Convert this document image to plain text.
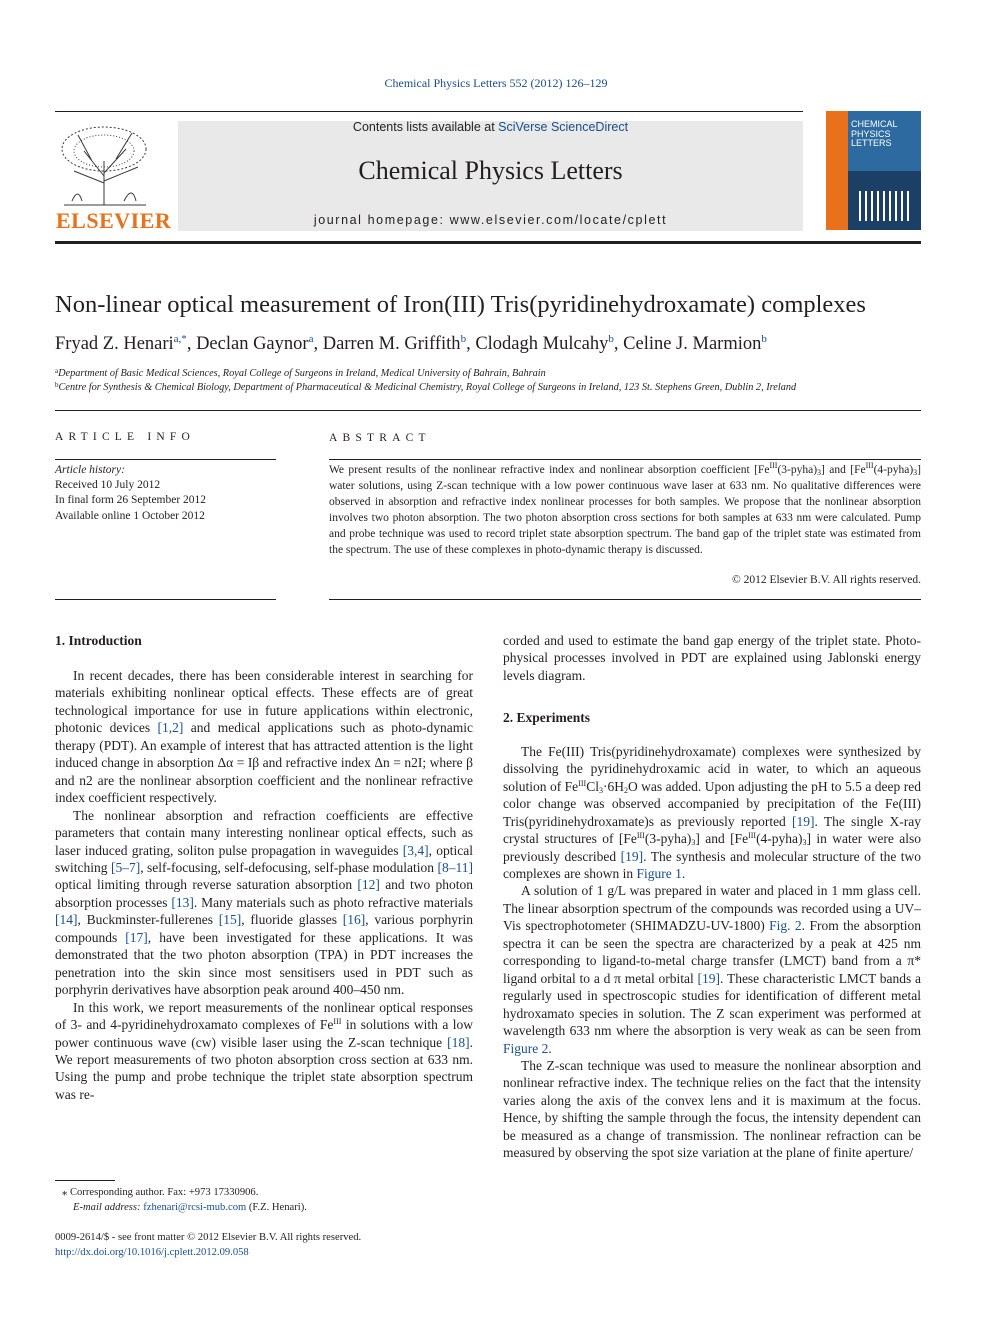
Chemical Physics Letters 552 (2012) 126–129
ELSEVIER
Contents lists available at SciVerse ScienceDirect
Chemical Physics Letters
journal homepage: www.elsevier.com/locate/cplett
CHEMICAL PHYSICS LETTERS
Non-linear optical measurement of Iron(III) Tris(pyridinehydroxamate) complexes
Fryad Z. Henari$^{a,*}$, Declan Gaynor$^a$, Darren M. Griffith$^b$, Clodagh Mulcahy$^b$, Celine J. Marmion$^b$
$^a$Department of Basic Medical Sciences, Royal College of Surgeons in Ireland, Medical University of Bahrain, Bahrain
$^b$Centre for Synthesis & Chemical Biology, Department of Pharmaceutical & Medicinal Chemistry, Royal College of Surgeons in Ireland, 123 St. Stephens Green, Dublin 2, Ireland
ARTICLE INFO
Article history:
Received 10 July 2012
In final form 26 September 2012
Available online 1 October 2012
ABSTRACT
We present results of the nonlinear refractive index and nonlinear absorption coefficient $[Fe^{III}(3-pyha)_3]$ and $[Fe^{III}(4-pyha)_3]$ water solutions, using Z-scan technique with a low power continuous wave laser at 633 nm. No qualitative differences were observed in absorption and refractive index nonlinear processes for both samples. We propose that the nonlinear absorption involves two photon absorption. The two photon absorption cross sections for both samples at 633 nm were calculated. Pump and probe technique was used to record triplet state absorption spectrum. The band gap of the triplet state was estimated from the spectrum. The use of these complexes in photo-dynamic therapy is discussed.
© 2012 Elsevier B.V. All rights reserved.
1. Introduction

In recent decades, there has been considerable interest in searching for materials exhibiting nonlinear optical effects. These effects are of great technological importance for use in future applications within electronic, photonic devices [1,2] and medical applications such as photo-dynamic therapy (PDT). An example of interest that has attracted attention is the light induced change in absorption Δα = Iβ and refractive index Δn = n2I; where β and n2 are the nonlinear absorption coefficient and the nonlinear refractive index coefficient respectively.

The nonlinear absorption and refraction coefficients are effective parameters that contain many interesting nonlinear optical effects, such as laser induced grating, soliton pulse propagation in waveguides [3,4], optical switching [5–7], self-focusing, self-defocusing, self-phase modulation [8–11] optical limiting through reverse saturation absorption [12] and two photon absorption processes [13]. Many materials such as photo refractive materials [14], Buckminster-fullerenes [15], fluoride glasses [16], various porphyrin compounds [17], have been investigated for these applications. It was demonstrated that the two photon absorption (TPA) in PDT increases the penetration into the skin since most sensitisers used in PDT such as porphyrin derivatives have absorption peak around 400–450 nm.

In this work, we report measurements of the nonlinear optical responses of 3- and 4-pyridinehydroxamato complexes of $Fe^{III}$ in solutions with a low power continuous wave (cw) visible laser using the Z-scan technique [18]. We report measurements of two photon absorption cross section at 633 nm. Using the pump and probe technique the triplet state absorption spectrum was re-

⁎ Corresponding author. Fax: +973 17330906.
E-mail address: fzhenari@rcsi-mub.com (F.Z. Henari).
0009-2614/$ - see front matter © 2012 Elsevier B.V. All rights reserved.
http://dx.doi.org/10.1016/j.cplett.2012.09.058

corded and used to estimate the band gap energy of the triplet state. Photo-physical processes involved in PDT are explained using Jablonski energy levels diagram.

2. Experiments

The Fe(III) Tris(pyridinehydroxamate) complexes were synthesized by dissolving the pyridinehydroxamic acid in water, to which an aqueous solution of $Fe^{III}Cl_3\cdot 6H_2O$ was added. Upon adjusting the pH to 5.5 a deep red color change was observed accompanied by precipitation of the Fe(III) Tris(pyridinehydroxamate)s as previously reported [19]. The single X-ray crystal structures of $[Fe^{III}(3-pyha)_3]$ and $[Fe^{III}(4-pyha)_3]$ in water were also previously described [19]. The synthesis and molecular structure of the two complexes are shown in Figure 1.

A solution of 1 g/L was prepared in water and placed in 1 mm glass cell. The linear absorption spectrum of the compounds was recorded using a UV–Vis spectrophotometer (SHIMADZU-UV-1800) Fig. 2. From the absorption spectra it can be seen the spectra are characterized by a peak at 425 nm corresponding to ligand-to-metal charge transfer (LMCT) band from a π* ligand orbital to a d π metal orbital [19]. These characteristic LMCT bands a regularly used in spectroscopic studies for identification of different metal hydroxamato species in solution. The Z scan experiment was performed at wavelength 633 nm where the absorption is very weak as can be seen from Figure 2.

The Z-scan technique was used to measure the nonlinear absorption and nonlinear refractive index. The technique relies on the fact that the intensity varies along the axis of the convex lens and it is maximum at the focus. Hence, by shifting the sample through the focus, the intensity dependent can be measured as a change of transmission. The nonlinear refraction can be measured by observing the spot size variation at the plane of finite aperture/
